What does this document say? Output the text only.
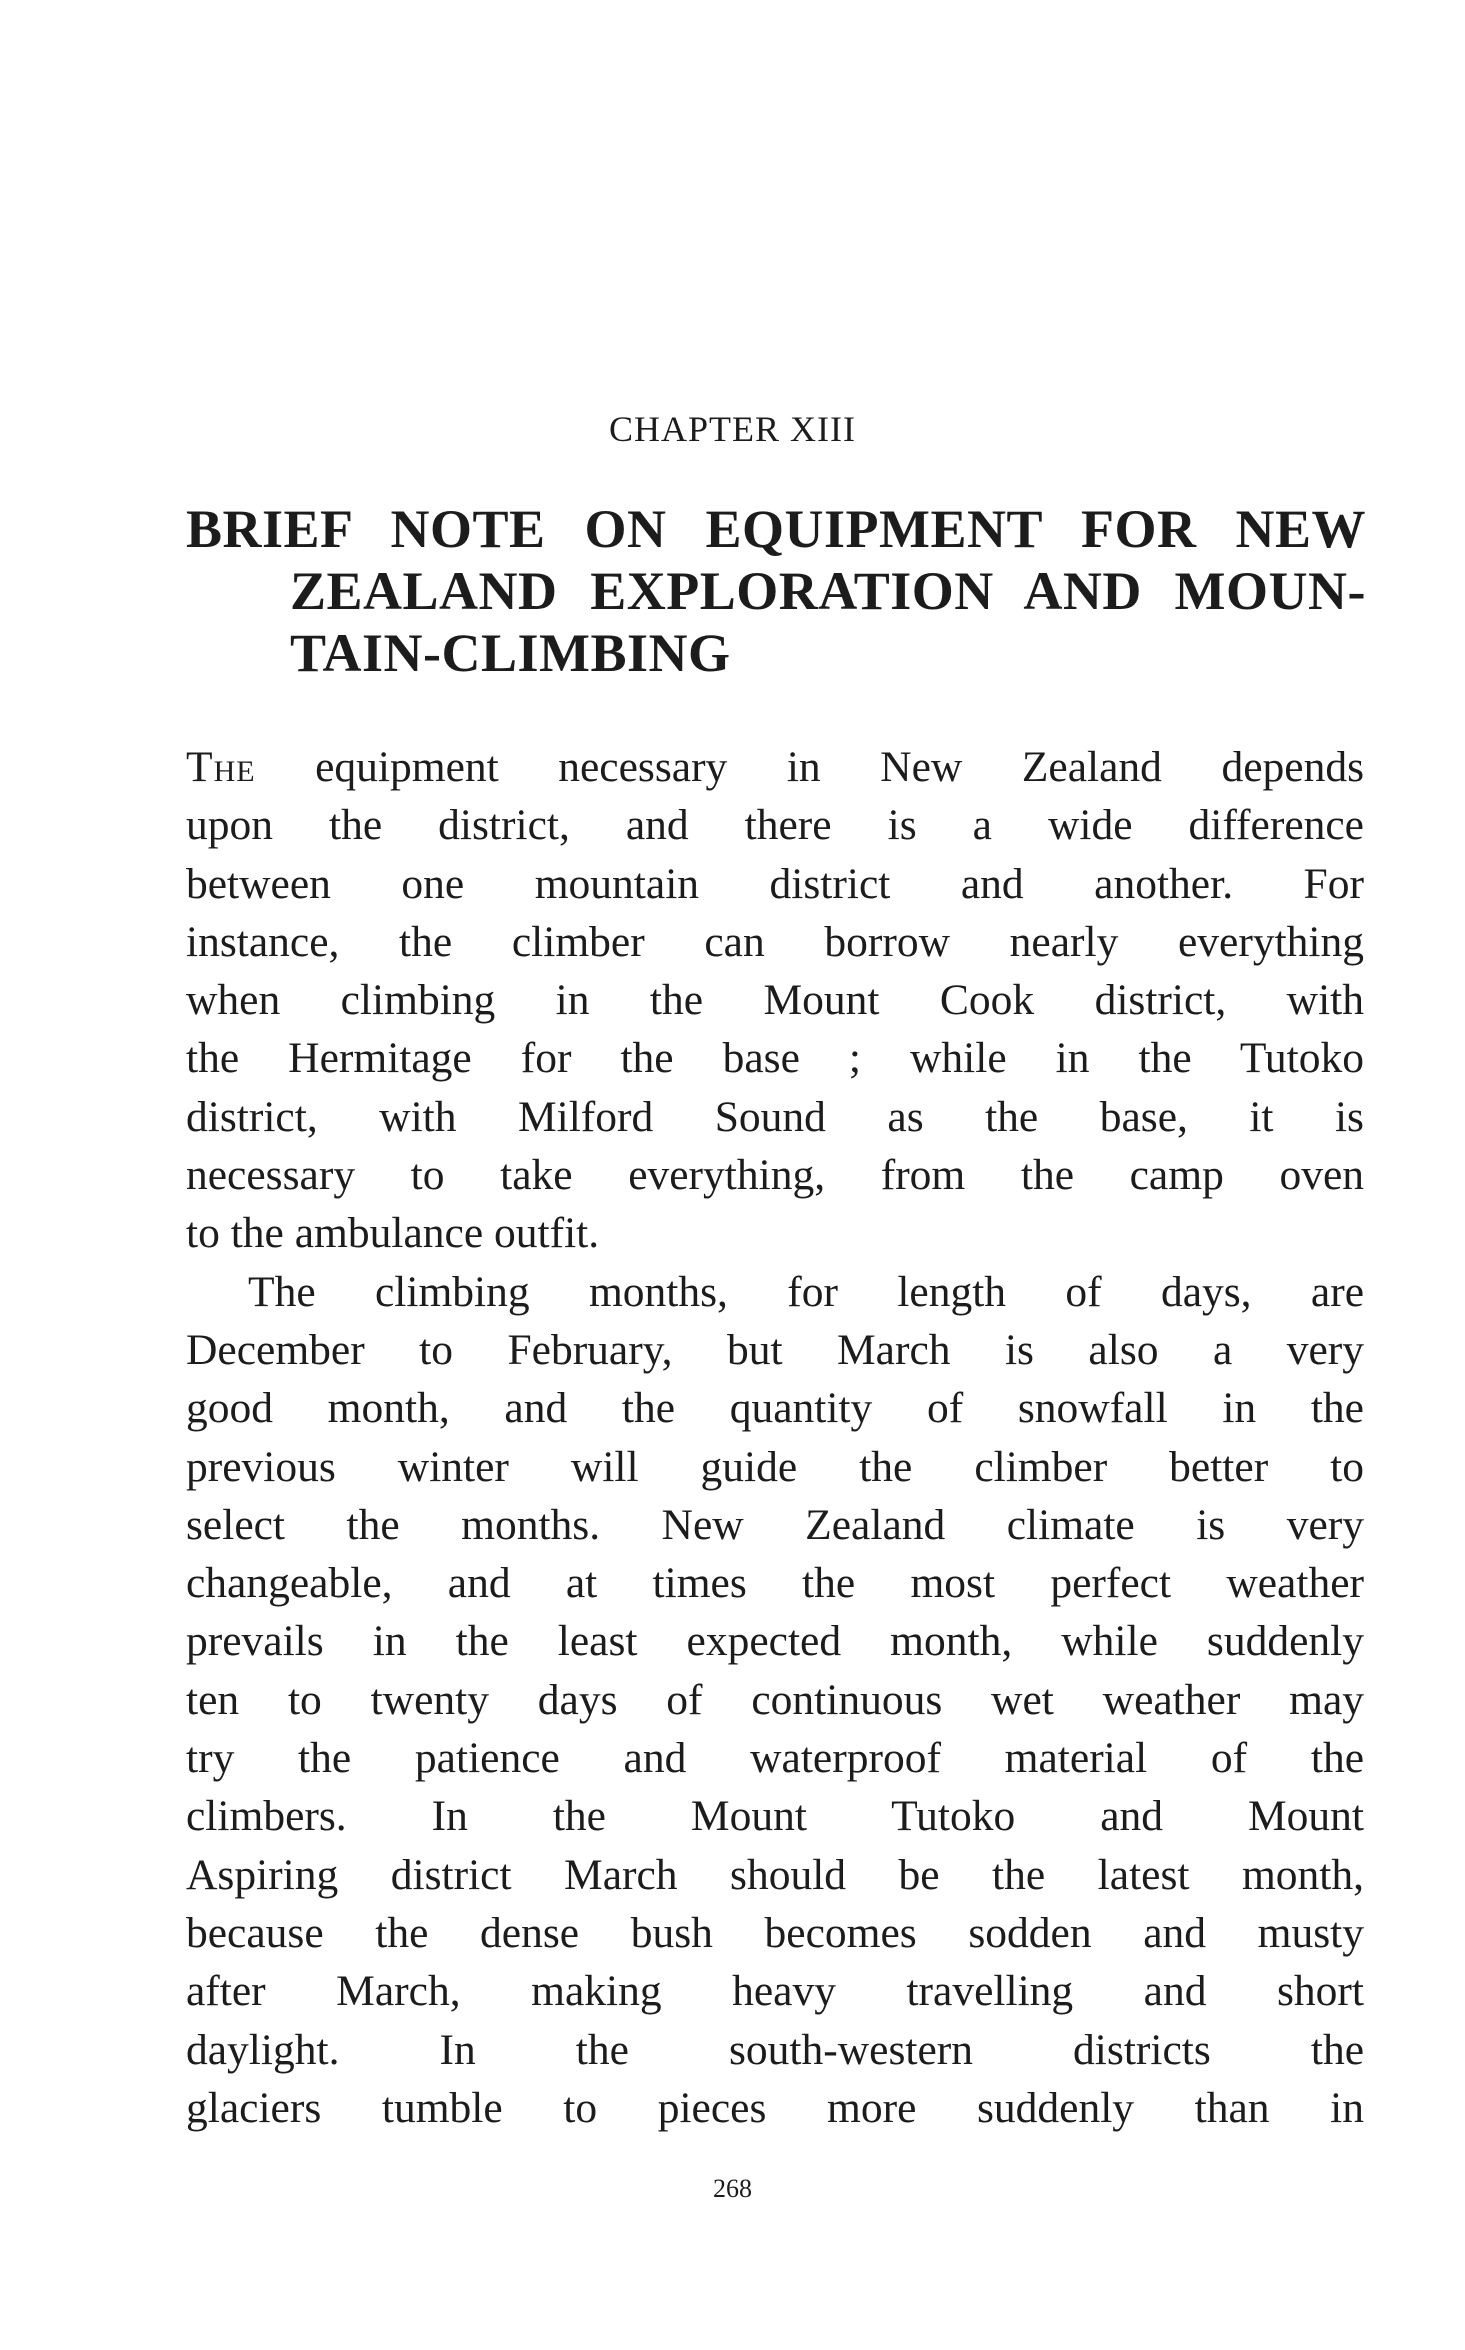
CHAPTER XIII
BRIEF NOTE ON EQUIPMENT FOR NEW
ZEALAND EXPLORATION AND MOUN-
TAIN-CLIMBING

The equipment necessary in New Zealand depends
upon the district, and there is a wide difference
between one mountain district and another. For
instance, the climber can borrow nearly everything
when climbing in the Mount Cook district, with
the Hermitage for the base ; while in the Tutoko
district, with Milford Sound as the base, it is
necessary to take everything, from the camp oven
to the ambulance outfit.

The climbing months, for length of days, are
December to February, but March is also a very
good month, and the quantity of snowfall in the
previous winter will guide the climber better to
select the months. New Zealand climate is very
changeable, and at times the most perfect weather
prevails in the least expected month, while suddenly
ten to twenty days of continuous wet weather may
try the patience and waterproof material of the
climbers. In the Mount Tutoko and Mount
Aspiring district March should be the latest month,
because the dense bush becomes sodden and musty
after March, making heavy travelling and short
daylight. In the south-western districts the
glaciers tumble to pieces more suddenly than in

268
